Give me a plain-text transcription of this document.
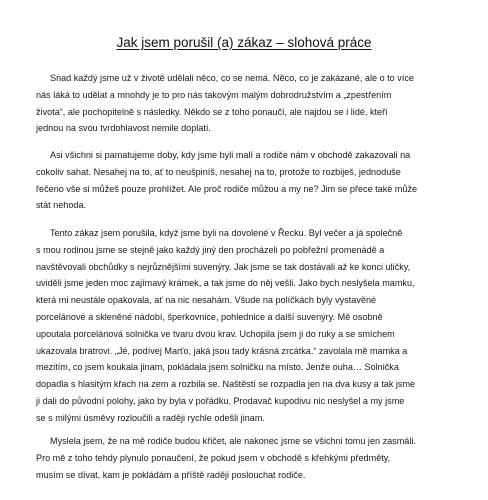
Jak jsem porušil (a) zákaz – slohová práce
Snad každý jsme už v životě udělali něco, co se nemá. Něco, co je zakázané, ale o to více
nás láká to udělat a mnohdy je to pro nás takovým malým dobrodružstvím a „zpestřením
života“, ale pochopitelně s následky. Někdo se z toho ponaučí, ale najdou se i lidé, kteří
jednou na svou tvrdohlavost nemile doplatí.
Asi všichni si pamatujeme doby, kdy jsme byli malí a rodiče nám v obchodě zakazovali na
cokoliv sahat. Nesahej na to, ať to neušpiníš, nesahej na to, protože to rozbiješ, jednoduše
řečeno vše si můžeš pouze prohlížet. Ale proč rodiče můžou a my ne? Jim se přece také může
stát nehoda.
Tento zákaz jsem porušila, když jsme byli na dovolené v Řecku. Byl večer a já společně
s mou rodinou jsme se stejně jako každý jiný den procházeli po pobřežní promenádě a
navštěvovali obchůdky s nejrůznějšími suvenýry. Jak jsme se tak dostávali až ke konci uličky,
uviděli jsme jeden moc zajímavý krámek, a tak jsme do něj vešli. Jako bych neslyšela mamku,
která mi neustále opakovala, ať na nic nesahám. Všude na políčkách byly vystavěné
porcelánové a skleněné nádobí, šperkovnice, pohlednice a další suvenýry. Mě osobně
upoutala porcelánová solnička ve tvaru dvou krav. Uchopila jsem ji do ruky a se smíchem
ukazovala bratrovi. „Jé, podívej Marťo, jaká jsou tady krásná zrcátka.“ zavolala mě mamka a
mezitím, co jsem koukala jinam, pokládala jsem solničku na místo. Jenže ouha… Solnička
dopadla s hlasitým křach na zem a rozbila se. Naštěstí se rozpadla jen na dva kusy a tak jsme
ji dali do původní polohy, jako by byla v pořádku. Prodavač kupodivu nic neslyšel a my jsme
se s milými úsměvy rozloučili a raději rychle odešli jinam.
Myslela jsem, že na mě rodiče budou křičet, ale nakonec jsme se všichni tomu jen zasmáli.
Pro mě z toho tehdy plynulo ponaučení, že pokud jsem v obchodě s křehkými předměty,
musím se dívat, kam je pokládám a příště raději poslouchat rodiče.
